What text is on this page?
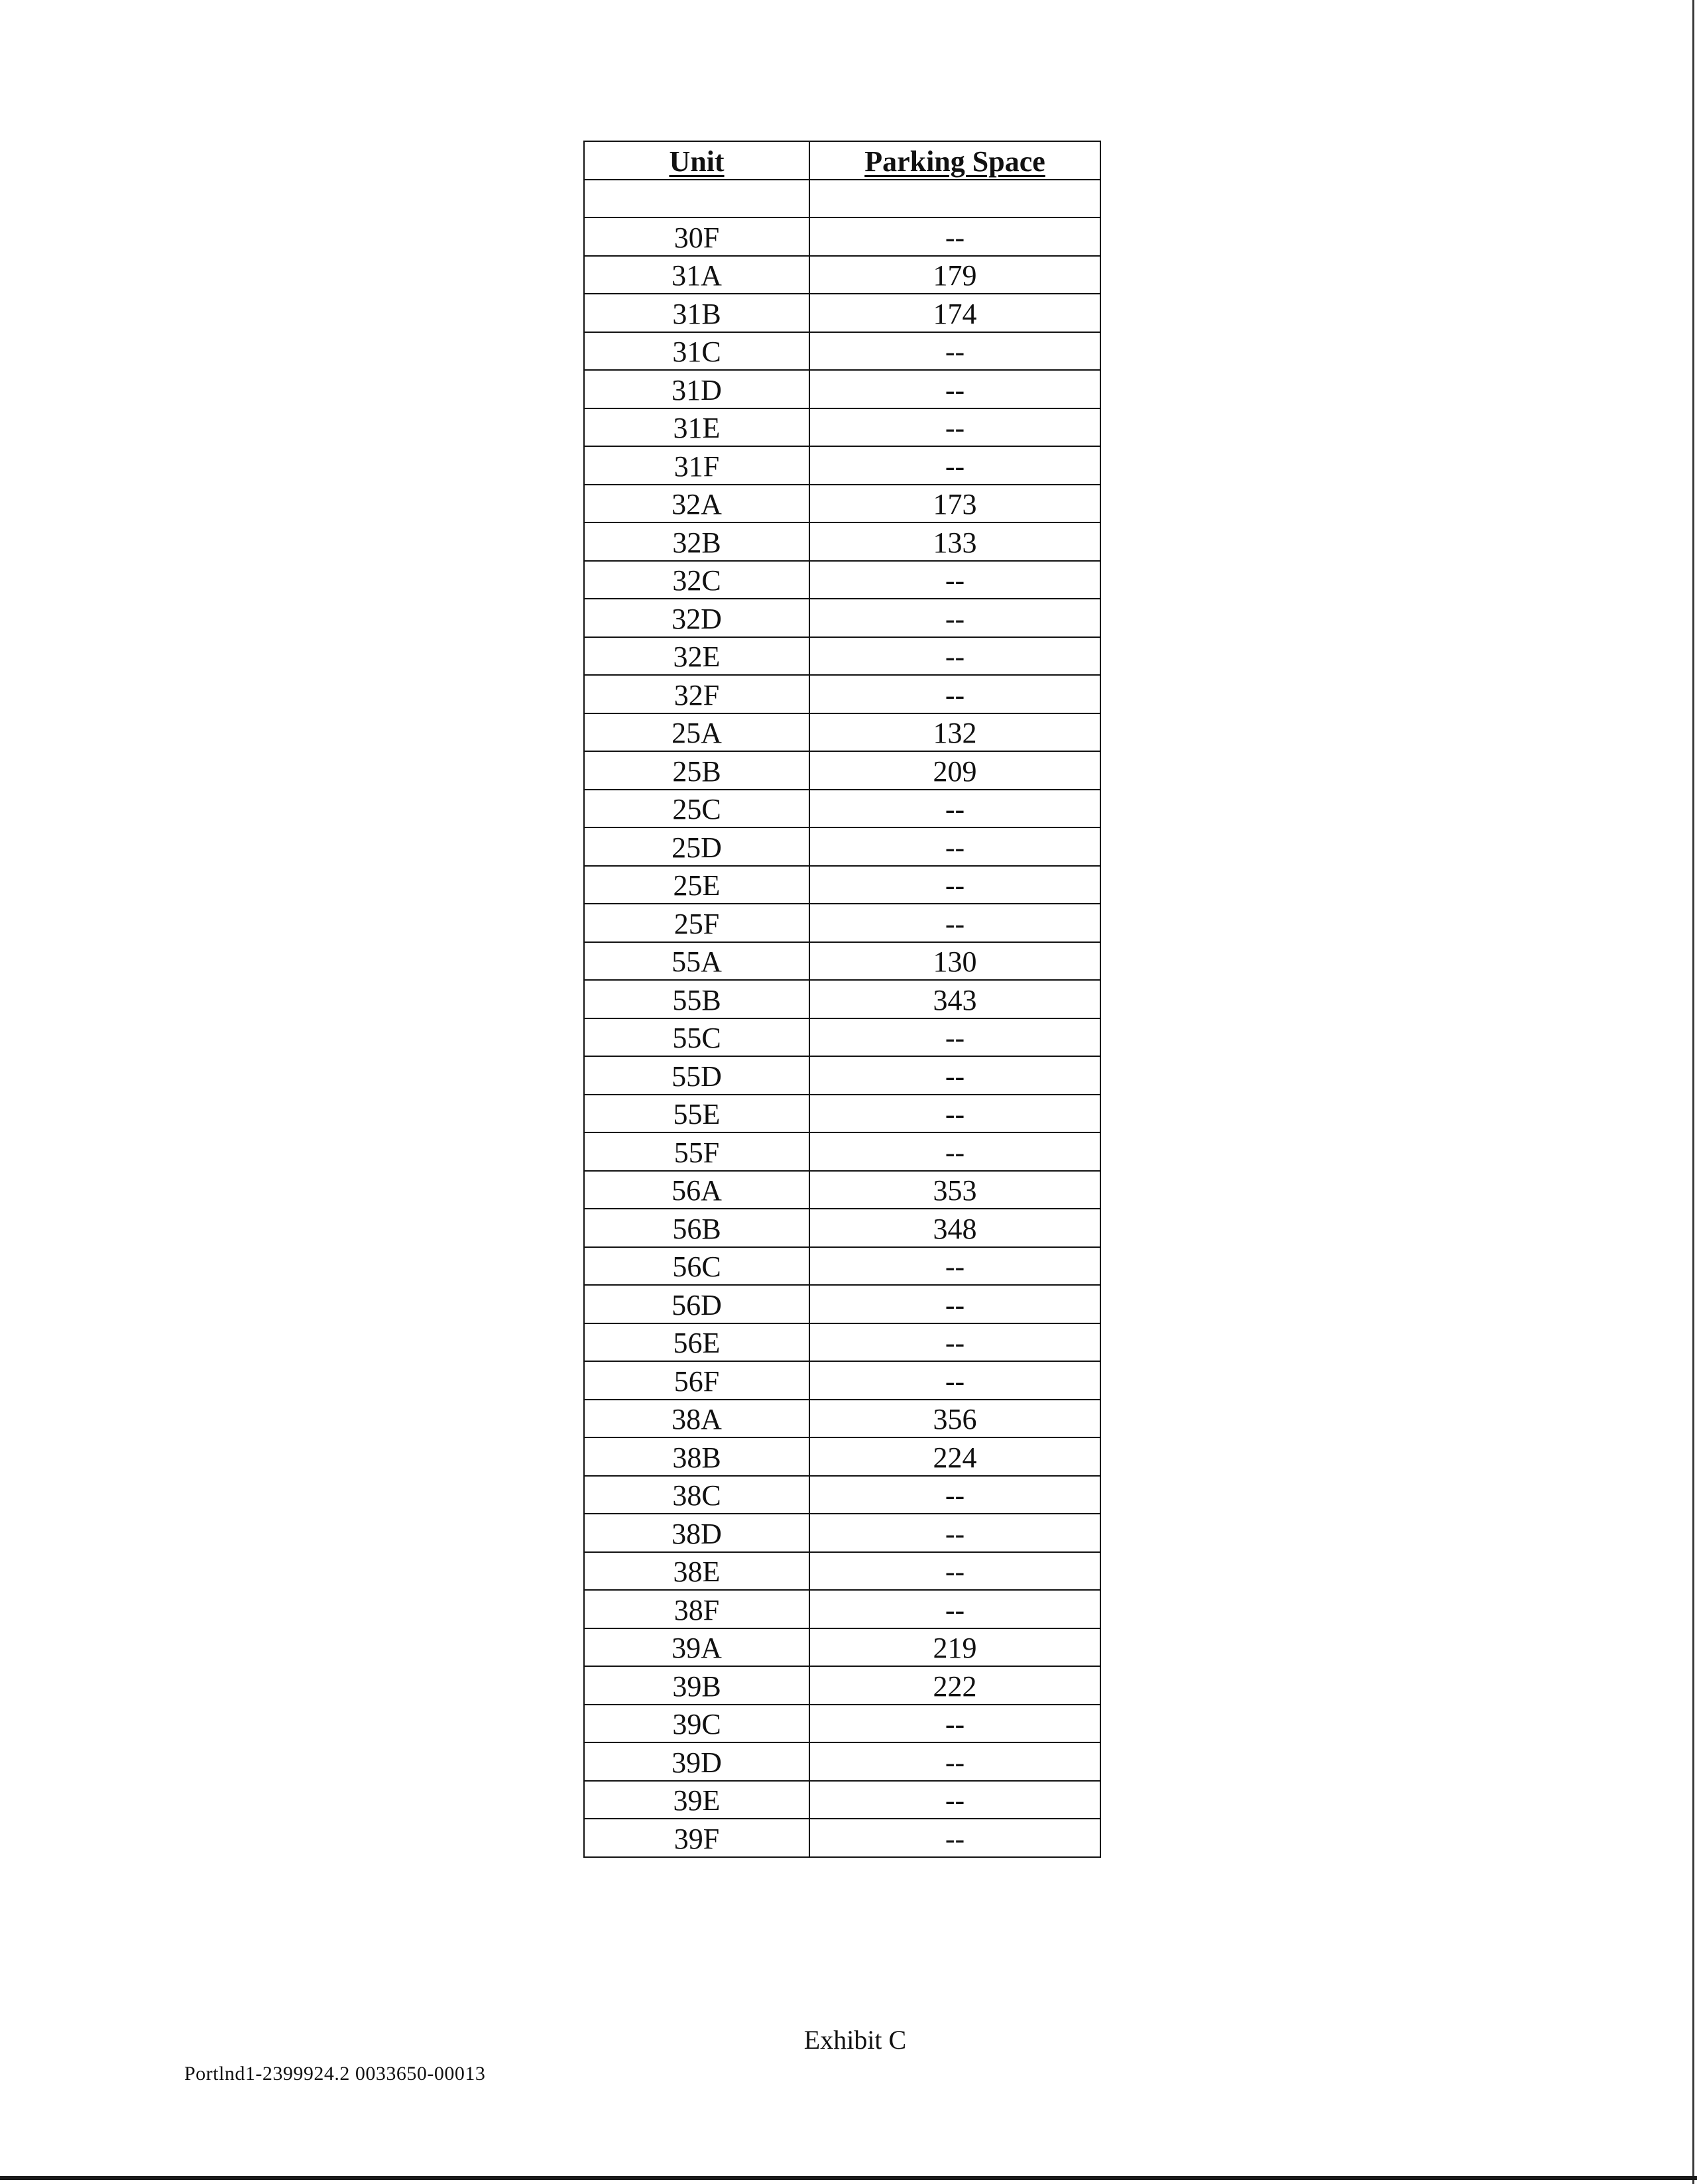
Unit	Parking Space

30F	--
31A	179
31B	174
31C	--
31D	--
31E	--
31F	--
32A	173
32B	133
32C	--
32D	--
32E	--
32F	--
25A	132
25B	209
25C	--
25D	--
25E	--
25F	--
55A	130
55B	343
55C	--
55D	--
55E	--
55F	--
56A	353
56B	348
56C	--
56D	--
56E	--
56F	--
38A	356
38B	224
38C	--
38D	--
38E	--
38F	--
39A	219
39B	222
39C	--
39D	--
39E	--
39F	--
Exhibit C
Portlnd1-2399924.2 0033650-00013
